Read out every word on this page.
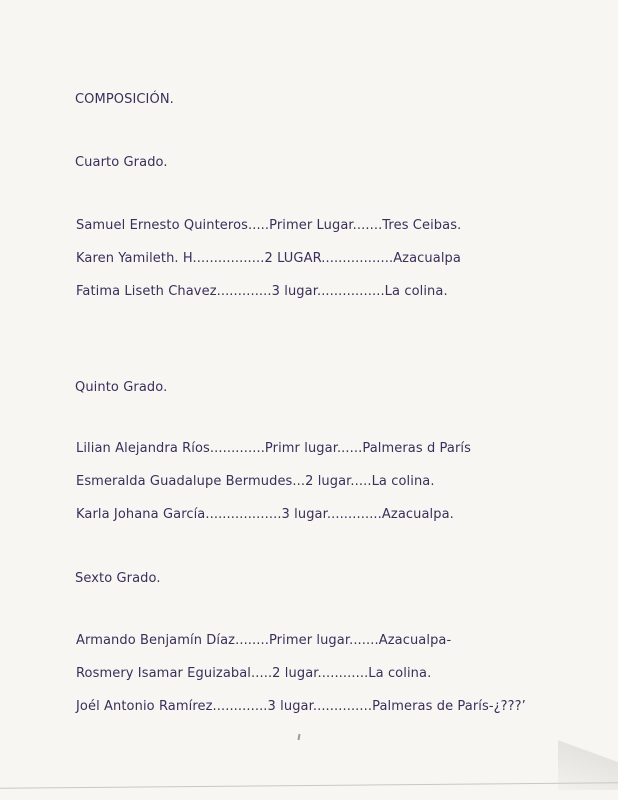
COMPOSICIÓN.

Cuarto Grado.

Samuel Ernesto Quinteros.....Primer Lugar.......Tres Ceibas.

Karen Yamileth. H.................2 LUGAR.................Azacualpa

Fatima Liseth Chavez.............3 lugar................La colina.

Quinto Grado.

Lilian Alejandra Ríos.............Primr lugar......Palmeras d París

Esmeralda Guadalupe Bermudes...2 lugar.....La colina.

Karla Johana García..................3 lugar.............Azacualpa.

Sexto Grado.

Armando Benjamín Díaz........Primer lugar.......Azacualpa-

Rosmery Isamar Eguizabal.....2 lugar............La colina.

Joél Antonio Ramírez.............3 lugar..............Palmeras de París-¿???’
